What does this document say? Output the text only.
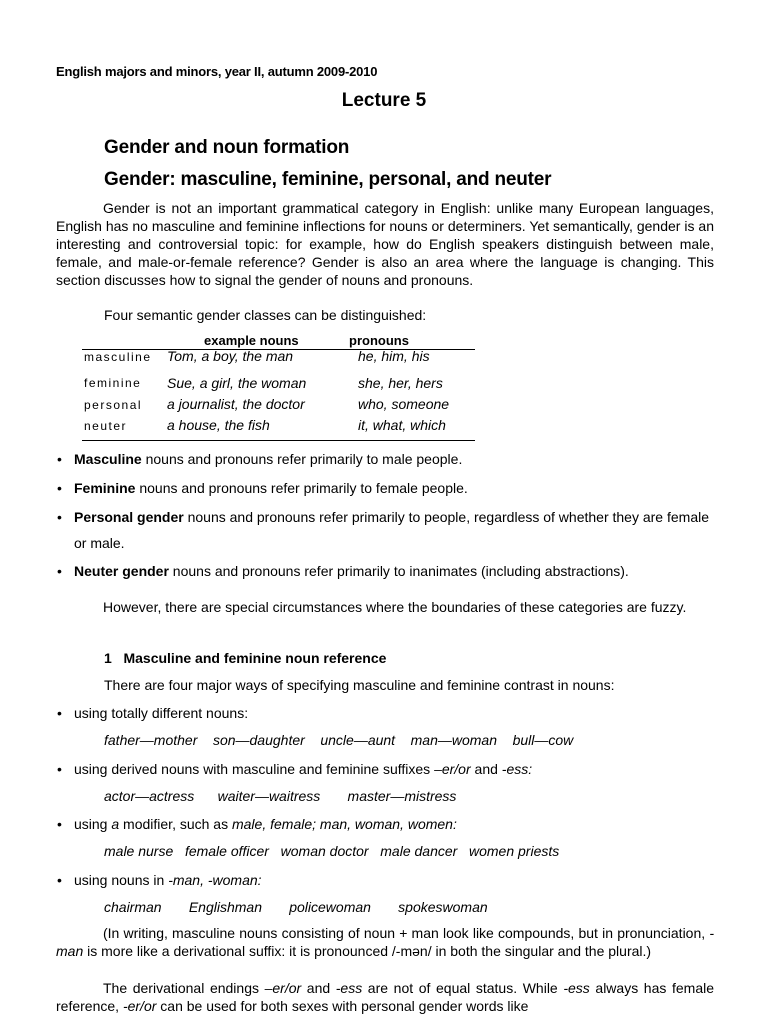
English majors and minors, year II, autumn 2009-2010
Lecture 5
Gender and noun formation
Gender: masculine, feminine, personal, and neuter
Gender is not an important grammatical category in English: unlike many European languages, English has no masculine and feminine inflections for nouns or determiners. Yet semantically, gender is an interesting and controversial topic: for example, how do English speakers distinguish between male, female, and male-or-female reference? Gender is also an area where the language is changing. This section discusses how to signal the gender of nouns and pronouns.
Four semantic gender classes can be distinguished:
example nouns	pronouns
masculine Tom, a boy, the man	he, him, his
feminine Sue, a girl, the woman	she, her, hers
personal a journalist, the doctor	who, someone
neuter	a house, the fish	it, what, which
• Masculine nouns and pronouns refer primarily to male people.
• Feminine nouns and pronouns refer primarily to female people.
• Personal gender nouns and pronouns refer primarily to people, regardless of whether they are female or male.
• Neuter gender nouns and pronouns refer primarily to inanimates (including abstractions).
However, there are special circumstances where the boundaries of these categories are fuzzy.
1 Masculine and feminine noun reference
There are four major ways of specifying masculine and feminine contrast in nouns:
• using totally different nouns:
father—mother son—daughter uncle—aunt man—woman bull—cow
• using derived nouns with masculine and feminine suffixes –er/or and -ess:
actor—actress waiter—waitress master—mistress
• using a modifier, such as male, female; man, woman, women:
male nurse female officer woman doctor male dancer women priests
• using nouns in -man, -woman:
chairman Englishman policewoman spokeswoman
(In writing, masculine nouns consisting of noun + man look like compounds, but in pronunciation, -man is more like a derivational suffix: it is pronounced /-mən/ in both the singular and the plural.)
The derivational endings –er/or and -ess are not of equal status. While -ess always has female reference, -er/or can be used for both sexes with personal gender words like
